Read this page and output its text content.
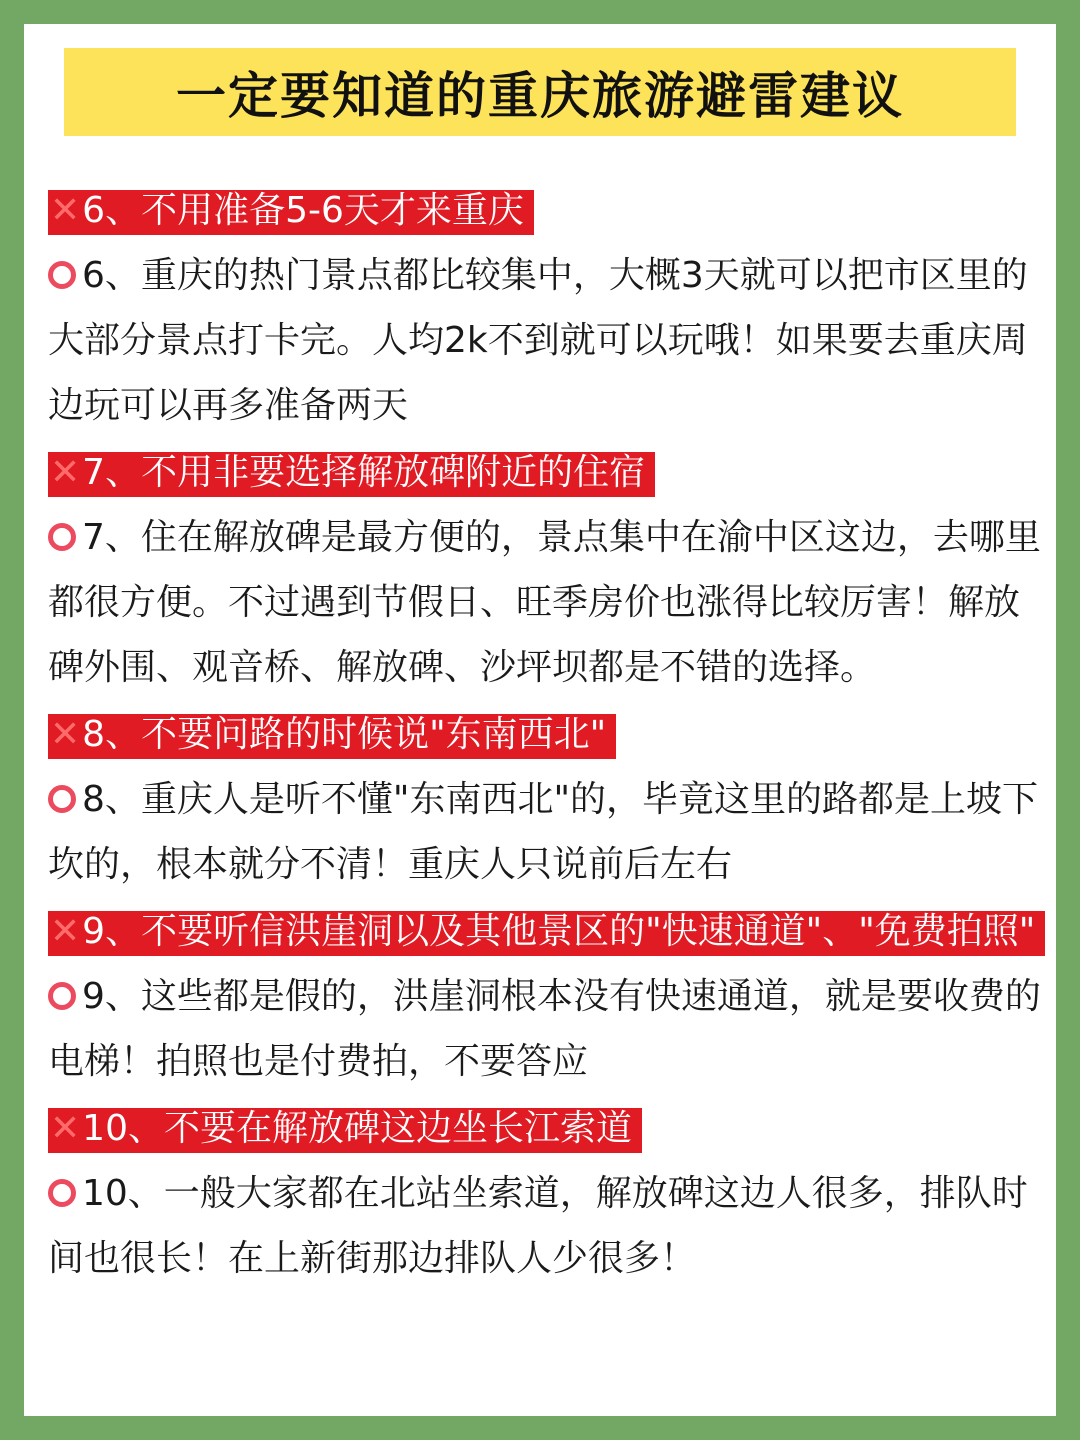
一定要知道的重庆旅游避雷建议
✕6、不用准备5-6天才来重庆
6、重庆的热门景点都比较集中，大概3天就可以把市区里的大部分景点打卡完。人均2k不到就可以玩哦！如果要去重庆周边玩可以再多准备两天
✕7、不用非要选择解放碑附近的住宿
7、住在解放碑是最方便的，景点集中在渝中区这边，去哪里都很方便。不过遇到节假日、旺季房价也涨得比较厉害！解放碑外围、观音桥、解放碑、沙坪坝都是不错的选择。
✕8、不要问路的时候说"东南西北"
8、重庆人是听不懂"东南西北"的，毕竟这里的路都是上坡下坎的，根本就分不清！重庆人只说前后左右
✕9、不要听信洪崖洞以及其他景区的"快速通道"、"免费拍照"
9、这些都是假的，洪崖洞根本没有快速通道，就是要收费的电梯！拍照也是付费拍，不要答应
✕10、不要在解放碑这边坐长江索道
10、一般大家都在北站坐索道，解放碑这边人很多，排队时间也很长！在上新街那边排队人少很多！
